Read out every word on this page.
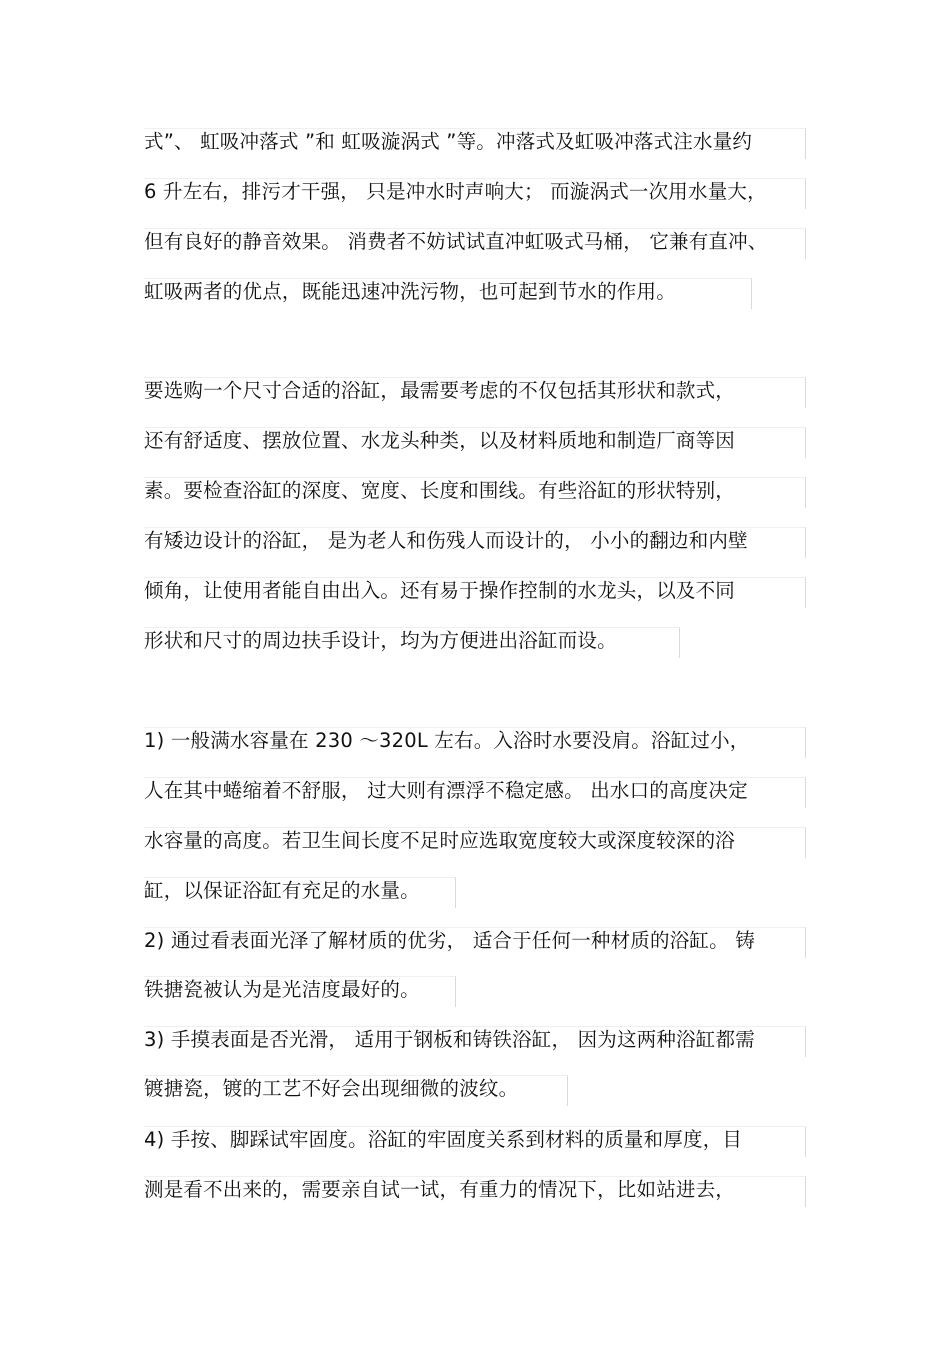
式”、 虹吸冲落式 ”和 虹吸漩涡式 ”等。冲落式及虹吸冲落式注水量约
6 升左右，排污才干强， 只是冲水时声响大； 而漩涡式一次用水量大，
但有良好的静音效果。 消费者不妨试试直冲虹吸式马桶， 它兼有直冲、
虹吸两者的优点，既能迅速冲洗污物，也可起到节水的作用。
要选购一个尺寸合适的浴缸，最需要考虑的不仅包括其形状和款式，
还有舒适度、摆放位置、水龙头种类，以及材料质地和制造厂商等因
素。要检查浴缸的深度、宽度、长度和围线。有些浴缸的形状特别，
有矮边设计的浴缸， 是为老人和伤残人而设计的， 小小的翻边和内壁
倾角，让使用者能自由出入。还有易于操作控制的水龙头，以及不同
形状和尺寸的周边扶手设计，均为方便进出浴缸而设。
1) 一般满水容量在 230 ～320L 左右。入浴时水要没肩。浴缸过小，
人在其中蜷缩着不舒服， 过大则有漂浮不稳定感。 出水口的高度决定
水容量的高度。若卫生间长度不足时应选取宽度较大或深度较深的浴
缸，以保证浴缸有充足的水量。
2) 通过看表面光泽了解材质的优劣， 适合于任何一种材质的浴缸。 铸
铁搪瓷被认为是光洁度最好的。
3) 手摸表面是否光滑， 适用于钢板和铸铁浴缸， 因为这两种浴缸都需
镀搪瓷，镀的工艺不好会出现细微的波纹。
4) 手按、脚踩试牢固度。浴缸的牢固度关系到材料的质量和厚度，目
测是看不出来的，需要亲自试一试，有重力的情况下，比如站进去，
